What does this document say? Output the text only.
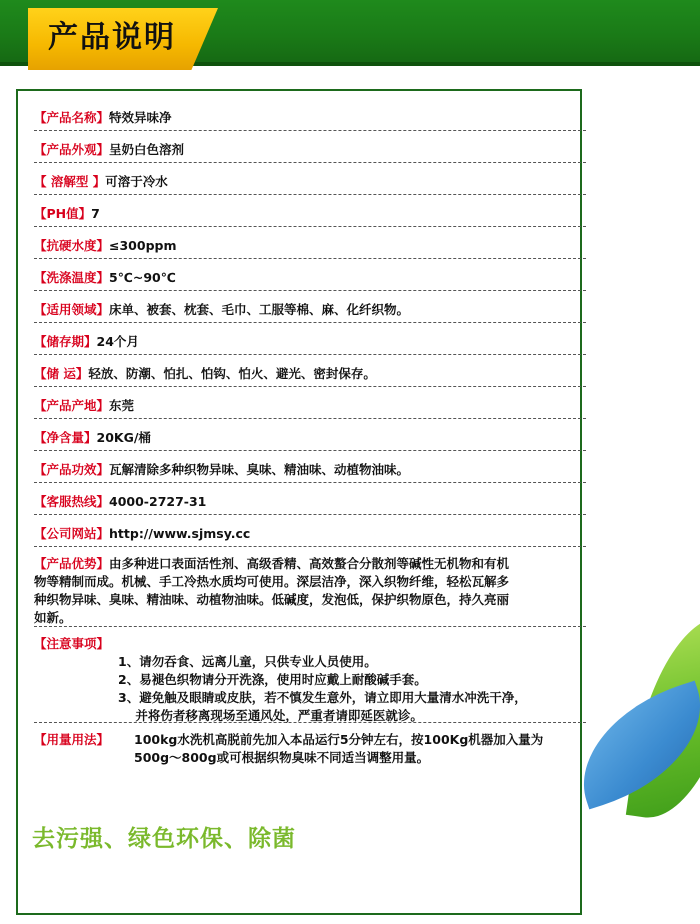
产品说明
【产品名称】特效异味净
【产品外观】呈奶白色溶剂
【 溶解型 】可溶于冷水
【PH值】7
【抗硬水度】≤300ppm
【洗涤温度】5℃~90℃
【适用领域】床单、被套、枕套、毛巾、工服等棉、麻、化纤织物。
【储存期】24个月
【储 运】轻放、防潮、怕扎、怕钩、怕火、避光、密封保存。
【产品产地】东莞
【净含量】20KG/桶
【产品功效】瓦解清除多种织物异味、臭味、精油味、动植物油味。
【客服热线】4000-2727-31
【公司网站】http://www.sjmsy.cc
【产品优势】由多种进口表面活性剂、高级香精、高效螯合分散剂等碱性无机物和有机
物等精制而成。机械、手工冷热水质均可使用。深层洁净，深入织物纤维，轻松瓦解多
种织物异味、臭味、精油味、动植物油味。低碱度，发泡低，保护织物原色，持久亮丽
如新。
【注意事项】
1、请勿吞食、远离儿童，只供专业人员使用。
2、易褪色织物请分开洗涤，使用时应戴上耐酸碱手套。
3、避免触及眼睛或皮肤，若不慎发生意外，请立即用大量清水冲洗干净，
并将伤者移离现场至通风处，严重者请即延医就诊。
【用量用法】	100kg水洗机高脱前先加入本品运行5分钟左右，按100Kg机器加入量为
500g～800g或可根据织物臭味不同适当调整用量。
去污强、绿色环保、除菌
